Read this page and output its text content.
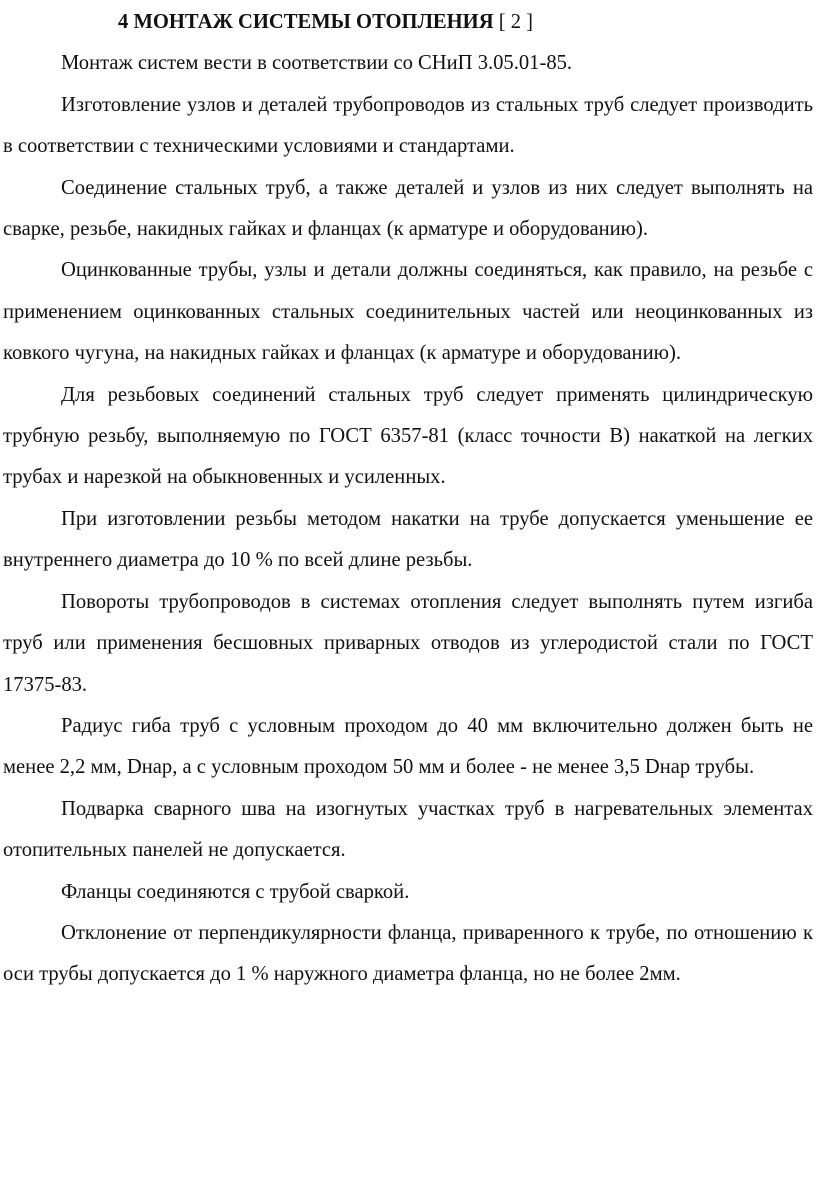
4 МОНТАЖ СИСТЕМЫ ОТОПЛЕНИЯ [ 2 ]

Монтаж систем вести в соответствии со СНиП 3.05.01-85.

Изготовление узлов и деталей трубопроводов из стальных труб следует производить в соответствии с техническими условиями и стандартами.

Соединение стальных труб, а также деталей и узлов из них следует выполнять на сварке, резьбе, накидных гайках и фланцах (к арматуре и оборудованию).

Оцинкованные трубы, узлы и детали должны соединяться, как правило, на резьбе с применением оцинкованных стальных соединительных частей или неоцинкованных из ковкого чугуна, на накидных гайках и фланцах (к арматуре и оборудованию).

Для резьбовых соединений стальных труб следует применять цилиндрическую трубную резьбу, выполняемую по ГОСТ 6357-81 (класс точности В) накаткой на легких трубах и нарезкой на обыкновенных и усиленных.

При изготовлении резьбы методом накатки на трубе допускается уменьшение ее внутреннего диаметра до 10 % по всей длине резьбы.

Повороты трубопроводов в системах отопления следует выполнять путем изгиба труб или применения бесшовных приварных отводов из углеродистой стали по ГОСТ 17375-83.

Радиус гиба труб с условным проходом до 40 мм включительно должен быть не менее 2,2 мм, Dнар, а с условным проходом 50 мм и более - не менее 3,5 Dнар трубы.

Подварка сварного шва на изогнутых участках труб в нагревательных элементах отопительных панелей не допускается.

Фланцы соединяются с трубой сваркой.

Отклонение от перпендикулярности фланца, приваренного к трубе, по отношению к оси трубы допускается до 1 % наружного диаметра фланца, но не более 2мм.
